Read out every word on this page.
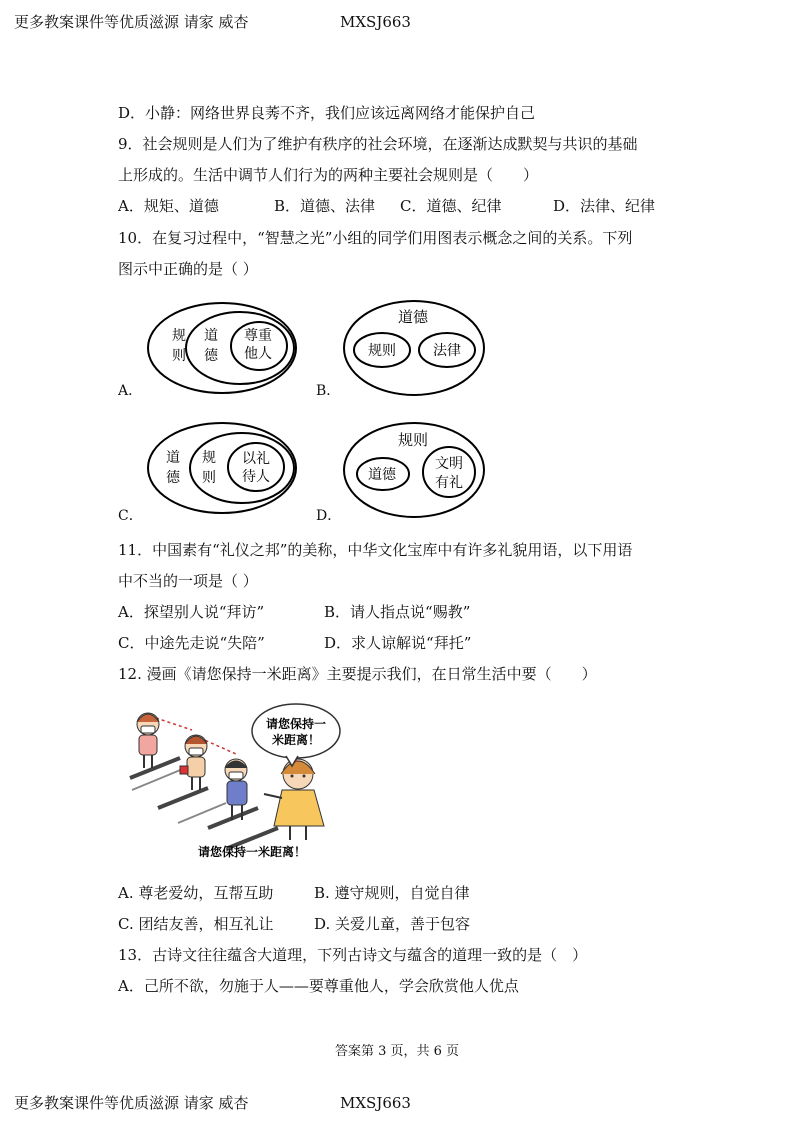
更多教案课件等优质滋源 请家 威杏	MXSJ663
D．小静：网络世界良莠不齐，我们应该远离网络才能保护自己
9．社会规则是人们为了维护有秩序的社会环境，在逐渐达成默契与共识的基础
上形成的。生活中调节人们行为的两种主要社会规则是（　　）
A．规矩、道德	B．道德、法律 C．道德、纪律	D．法律、纪律
10．在复习过程中，“智慧之光”小组的同学们用图表示概念之间的关系。下列
图示中正确的是（ ）
规
则
道
德
尊重
他人
A．
道德
规则	法律
B．
道
德
规
则
以礼
待人
C．
规则
道德
文明
有礼
D．
11．中国素有“礼仪之邦”的美称，中华文化宝库中有许多礼貌用语，以下用语
中不当的一项是（ ）
A．探望别人说“拜访”	B．请人指点说“赐教”
C．中途先走说“失陪”	D．求人谅解说“拜托”
12. 漫画《请您保持一米距离》主要提示我们，在日常生活中要（　　）
请您保持一
米距离！
请您保持一米距离！
A. 尊老爱幼，互帮互助	B. 遵守规则，自觉自律
C. 团结友善，相互礼让	D. 关爱儿童，善于包容
13．古诗文往往蕴含大道理，下列古诗文与蕴含的道理一致的是（　）
A．己所不欲，勿施于人——要尊重他人，学会欣赏他人优点
答案第 3 页，共 6 页
更多教案课件等优质滋源 请家 威杏	MXSJ663
